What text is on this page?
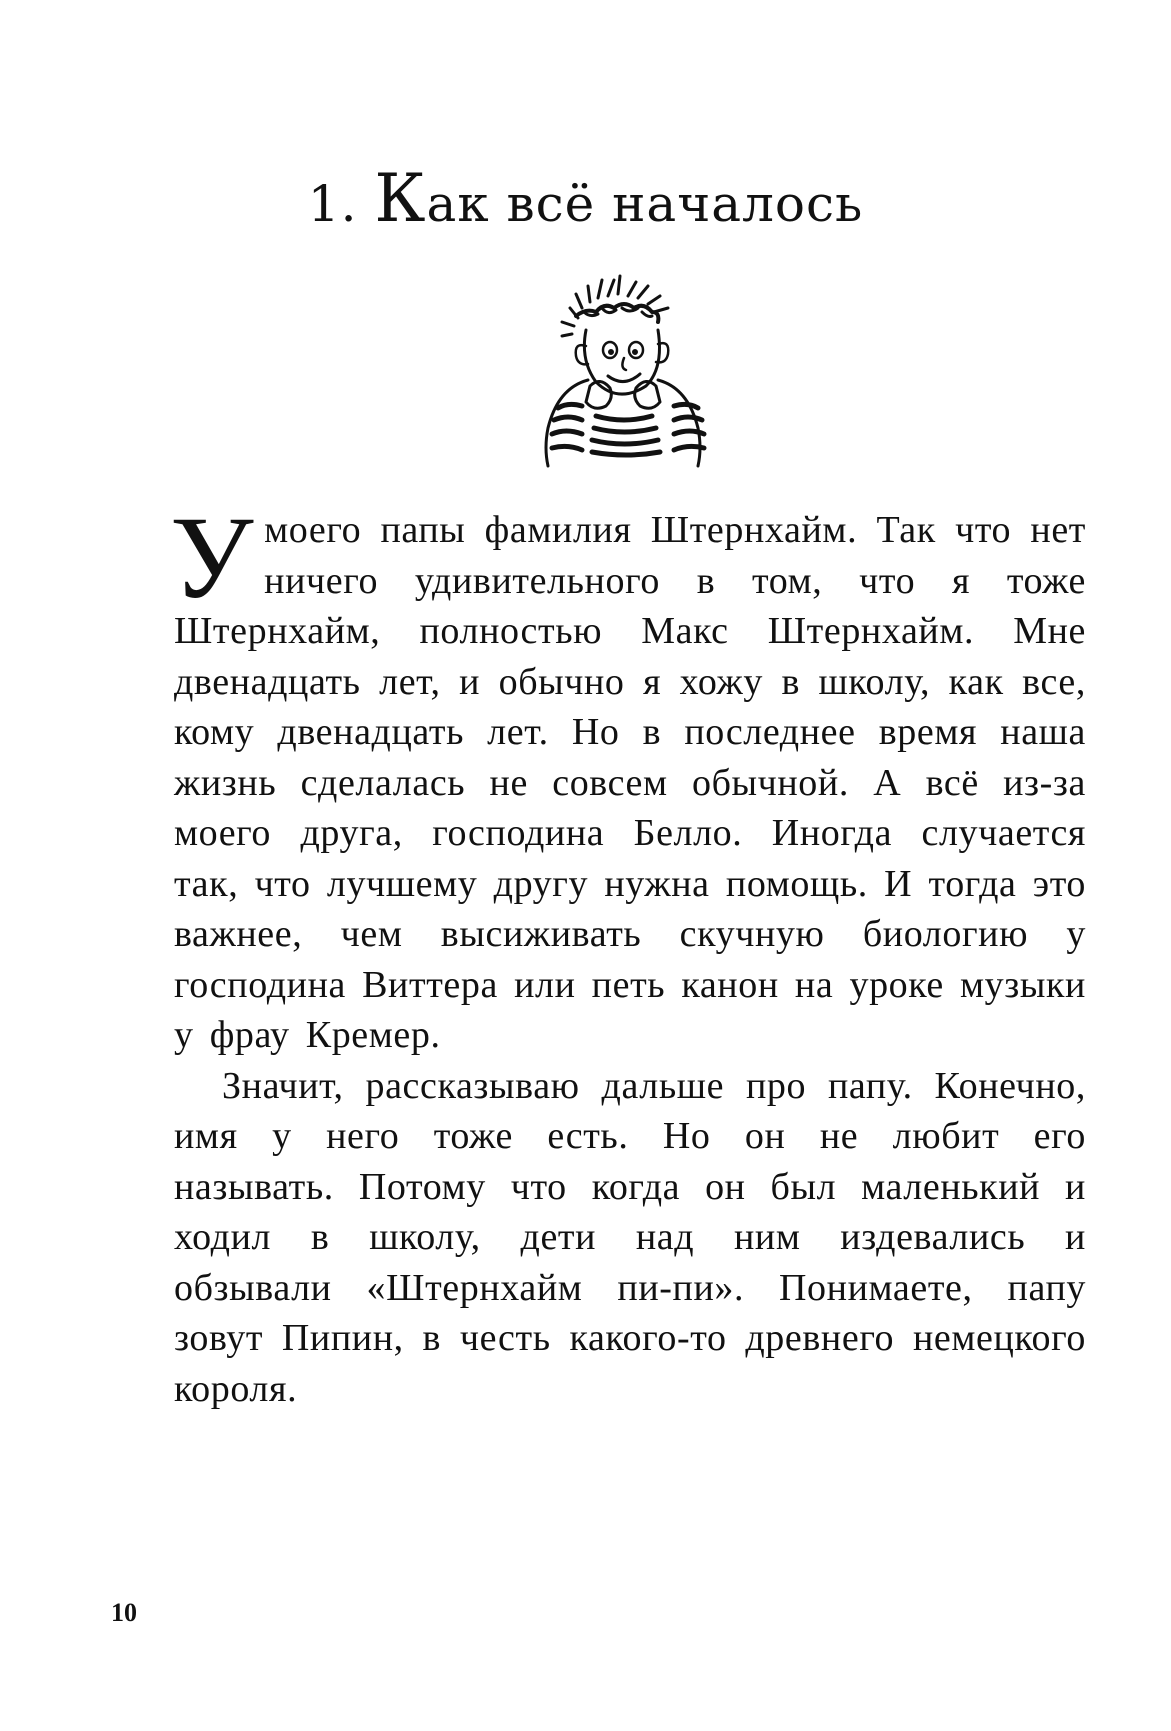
1. Как всё началось

Умоего папы фамилия Штернхайм. Так что нет ничего удивительного в том, что я тоже Штернхайм, полностью Макс Штернхайм. Мне двенадцать лет, и обычно я хожу в школу, как все, кому двенадцать лет. Но в последнее время наша жизнь сделалась не совсем обычной. А всё из-за моего друга, господина Белло. Иногда случается так, что лучшему другу нужна помощь. И тогда это важнее, чем высиживать скучную биологию у господина Виттера или петь канон на уроке музыки у фрау Кремер.

Значит, рассказываю дальше про папу. Конечно, имя у него тоже есть. Но он не любит его называть. Потому что когда он был маленький и ходил в школу, дети над ним издевались и обзывали «Штернхайм пи-пи». Понимаете, папу зовут Пипин, в честь какого-то древнего немецкого короля.

10
